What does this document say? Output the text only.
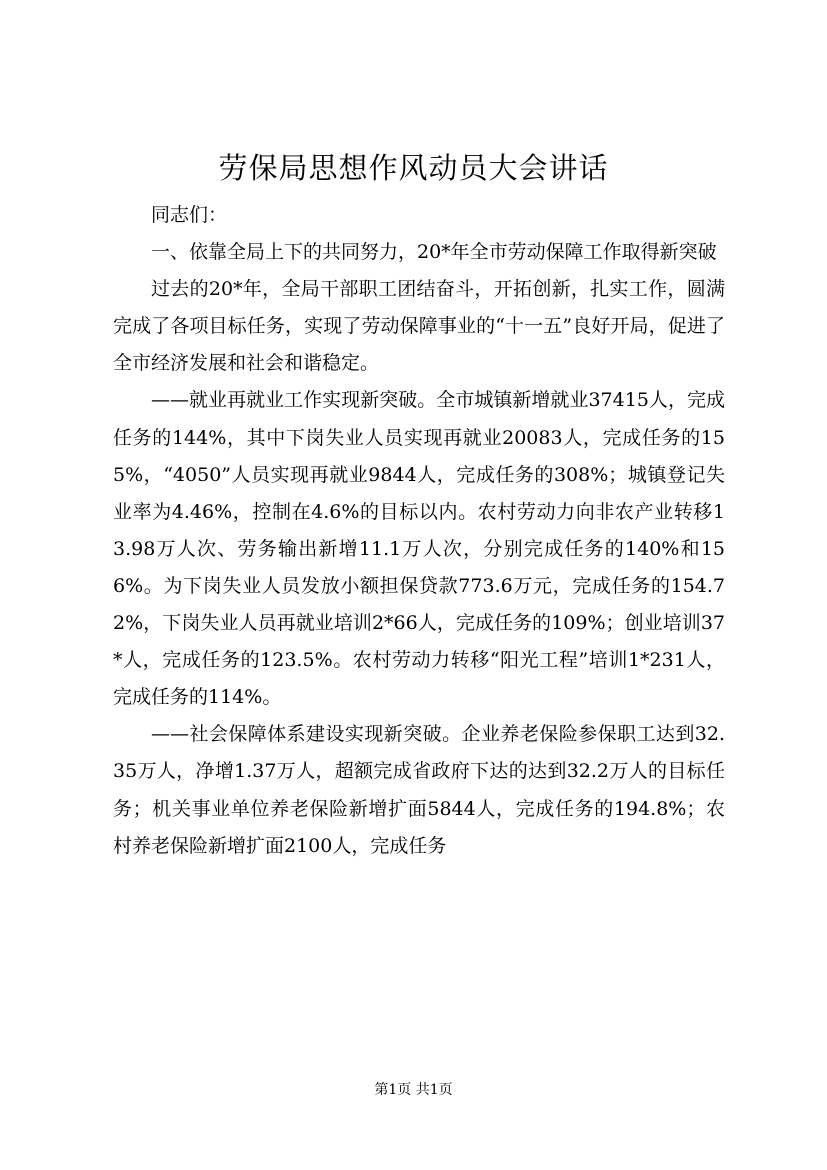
劳保局思想作风动员大会讲话

同志们：

一、依靠全局上下的共同努力，20*年全市劳动保障工作取得新突破

过去的20*年，全局干部职工团结奋斗，开拓创新，扎实工作，圆满完成了各项目标任务，实现了劳动保障事业的“十一五”良好开局，促进了全市经济发展和社会和谐稳定。

——就业再就业工作实现新突破。全市城镇新增就业37415人，完成任务的144%，其中下岗失业人员实现再就业20083人，完成任务的155%，“4050”人员实现再就业9844人，完成任务的308%；城镇登记失业率为4.46%，控制在4.6%的目标以内。农村劳动力向非农产业转移13.98万人次、劳务输出新增11.1万人次，分别完成任务的140%和156%。为下岗失业人员发放小额担保贷款773.6万元，完成任务的154.72%，下岗失业人员再就业培训2*66人，完成任务的109%；创业培训37*人，完成任务的123.5%。农村劳动力转移“阳光工程”培训1*231人，完成任务的114%。

——社会保障体系建设实现新突破。企业养老保险参保职工达到32.35万人，净增1.37万人，超额完成省政府下达的达到32.2万人的目标任务；机关事业单位养老保险新增扩面5844人，完成任务的194.8%；农村养老保险新增扩面2100人，完成任务

第1页 共1页
